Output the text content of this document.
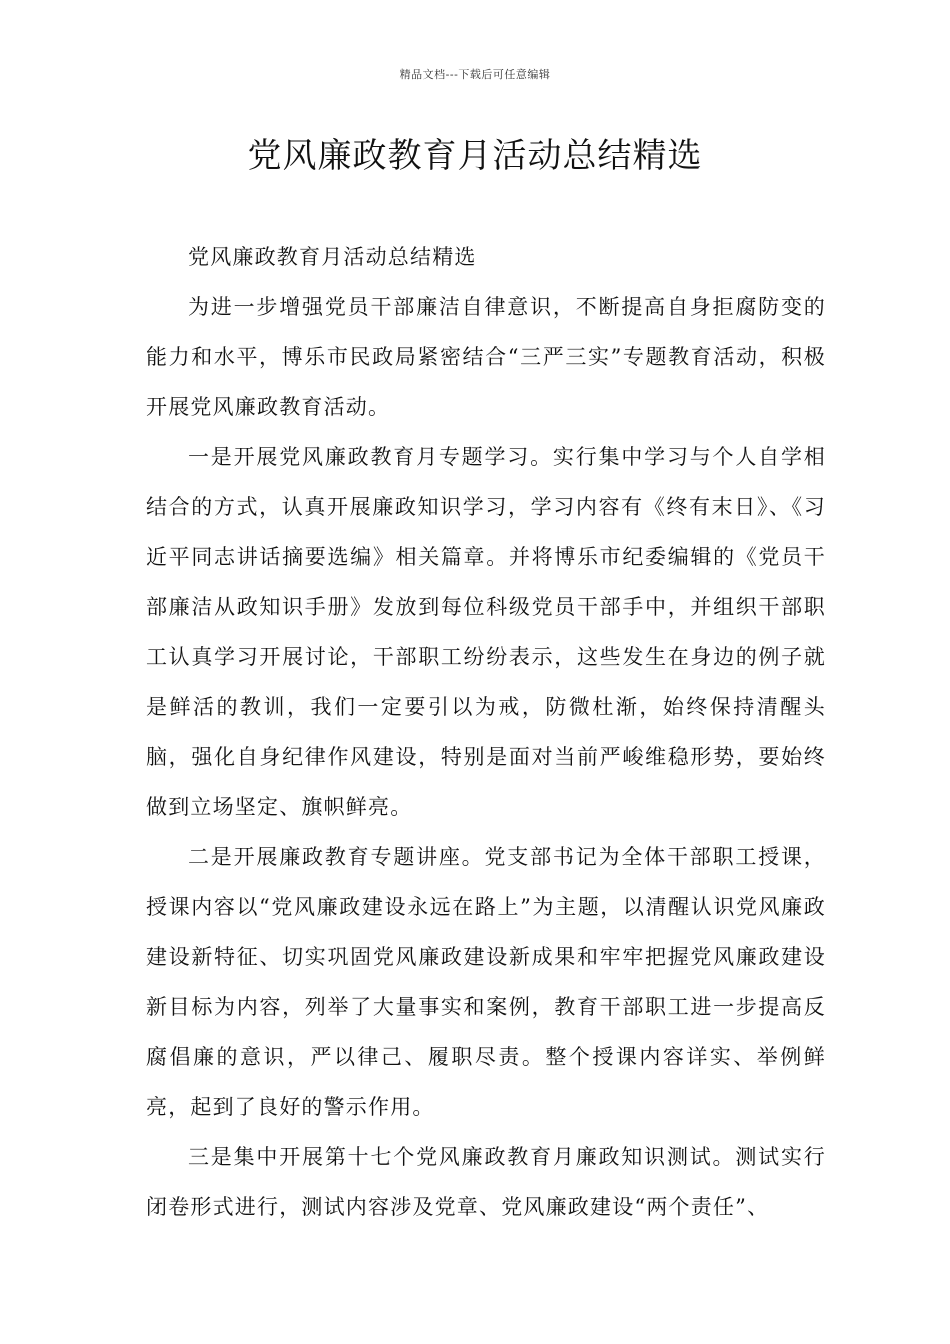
精品文档---下载后可任意编辑
党风廉政教育月活动总结精选

党风廉政教育月活动总结精选

为进一步增强党员干部廉洁自律意识，不断提高自身拒腐防变的能力和水平，博乐市民政局紧密结合“三严三实”专题教育活动，积极开展党风廉政教育活动。

一是开展党风廉政教育月专题学习。实行集中学习与个人自学相结合的方式，认真开展廉政知识学习，学习内容有《终有末日》、《习近平同志讲话摘要选编》相关篇章。并将博乐市纪委编辑的《党员干部廉洁从政知识手册》发放到每位科级党员干部手中，并组织干部职工认真学习开展讨论，干部职工纷纷表示，这些发生在身边的例子就是鲜活的教训，我们一定要引以为戒，防微杜渐，始终保持清醒头脑，强化自身纪律作风建设，特别是面对当前严峻维稳形势，要始终做到立场坚定、旗帜鲜亮。

二是开展廉政教育专题讲座。党支部书记为全体干部职工授课，授课内容以“党风廉政建设永远在路上”为主题，以清醒认识党风廉政建设新特征、切实巩固党风廉政建设新成果和牢牢把握党风廉政建设新目标为内容，列举了大量事实和案例，教育干部职工进一步提高反腐倡廉的意识，严以律己、履职尽责。整个授课内容详实、举例鲜亮，起到了良好的警示作用。

三是集中开展第十七个党风廉政教育月廉政知识测试。测试实行闭卷形式进行，测试内容涉及党章、党风廉政建设“两个责任”、
